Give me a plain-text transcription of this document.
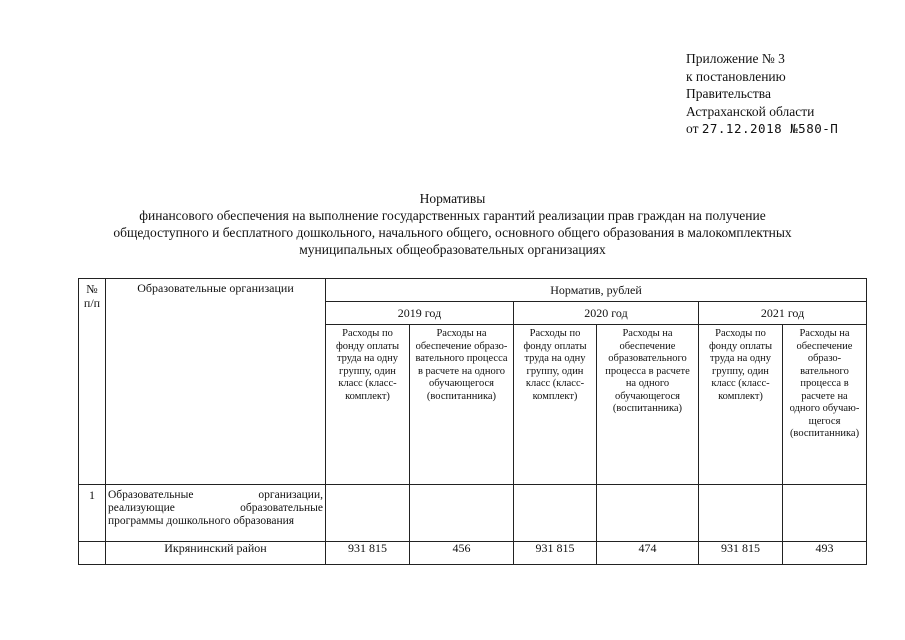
Приложение № 3
к постановлению
Правительства
Астраханской области
от 27.12.2018 №580-П
Нормативы
финансового обеспечения на выполнение государственных гарантий реализации прав граждан на получение
общедоступного и бесплатного дошкольного, начального общего, основного общего образования в малокомплектных
муниципальных общеобразовательных организациях
№ п/п	Образовательные организации	Норматив, рублей					
		2019 год		2020 год		2021 год	
		Расходы по фонду оплаты труда на одну группу, один класс (класс-комплект)	Расходы на обеспечение образо-вательного процесса в расчете на одного обучающегося (воспитанника)	Расходы по фонду оплаты труда на одну группу, один класс (класс-комплект)	Расходы на обеспечение образовательного процесса в расчете на одного обучающегося (воспитанника)	Расходы по фонду оплаты труда на одну группу, один класс (класс-комплект)	Расходы на обеспечение образо-вательного процесса в расчете на одного обучаю-щегося (воспитанника)
1	Образовательные организации,
реализующие образовательные
программы дошкольного образования						

	Икрянинский район	931 815	456	931 815	474	931 815	493
